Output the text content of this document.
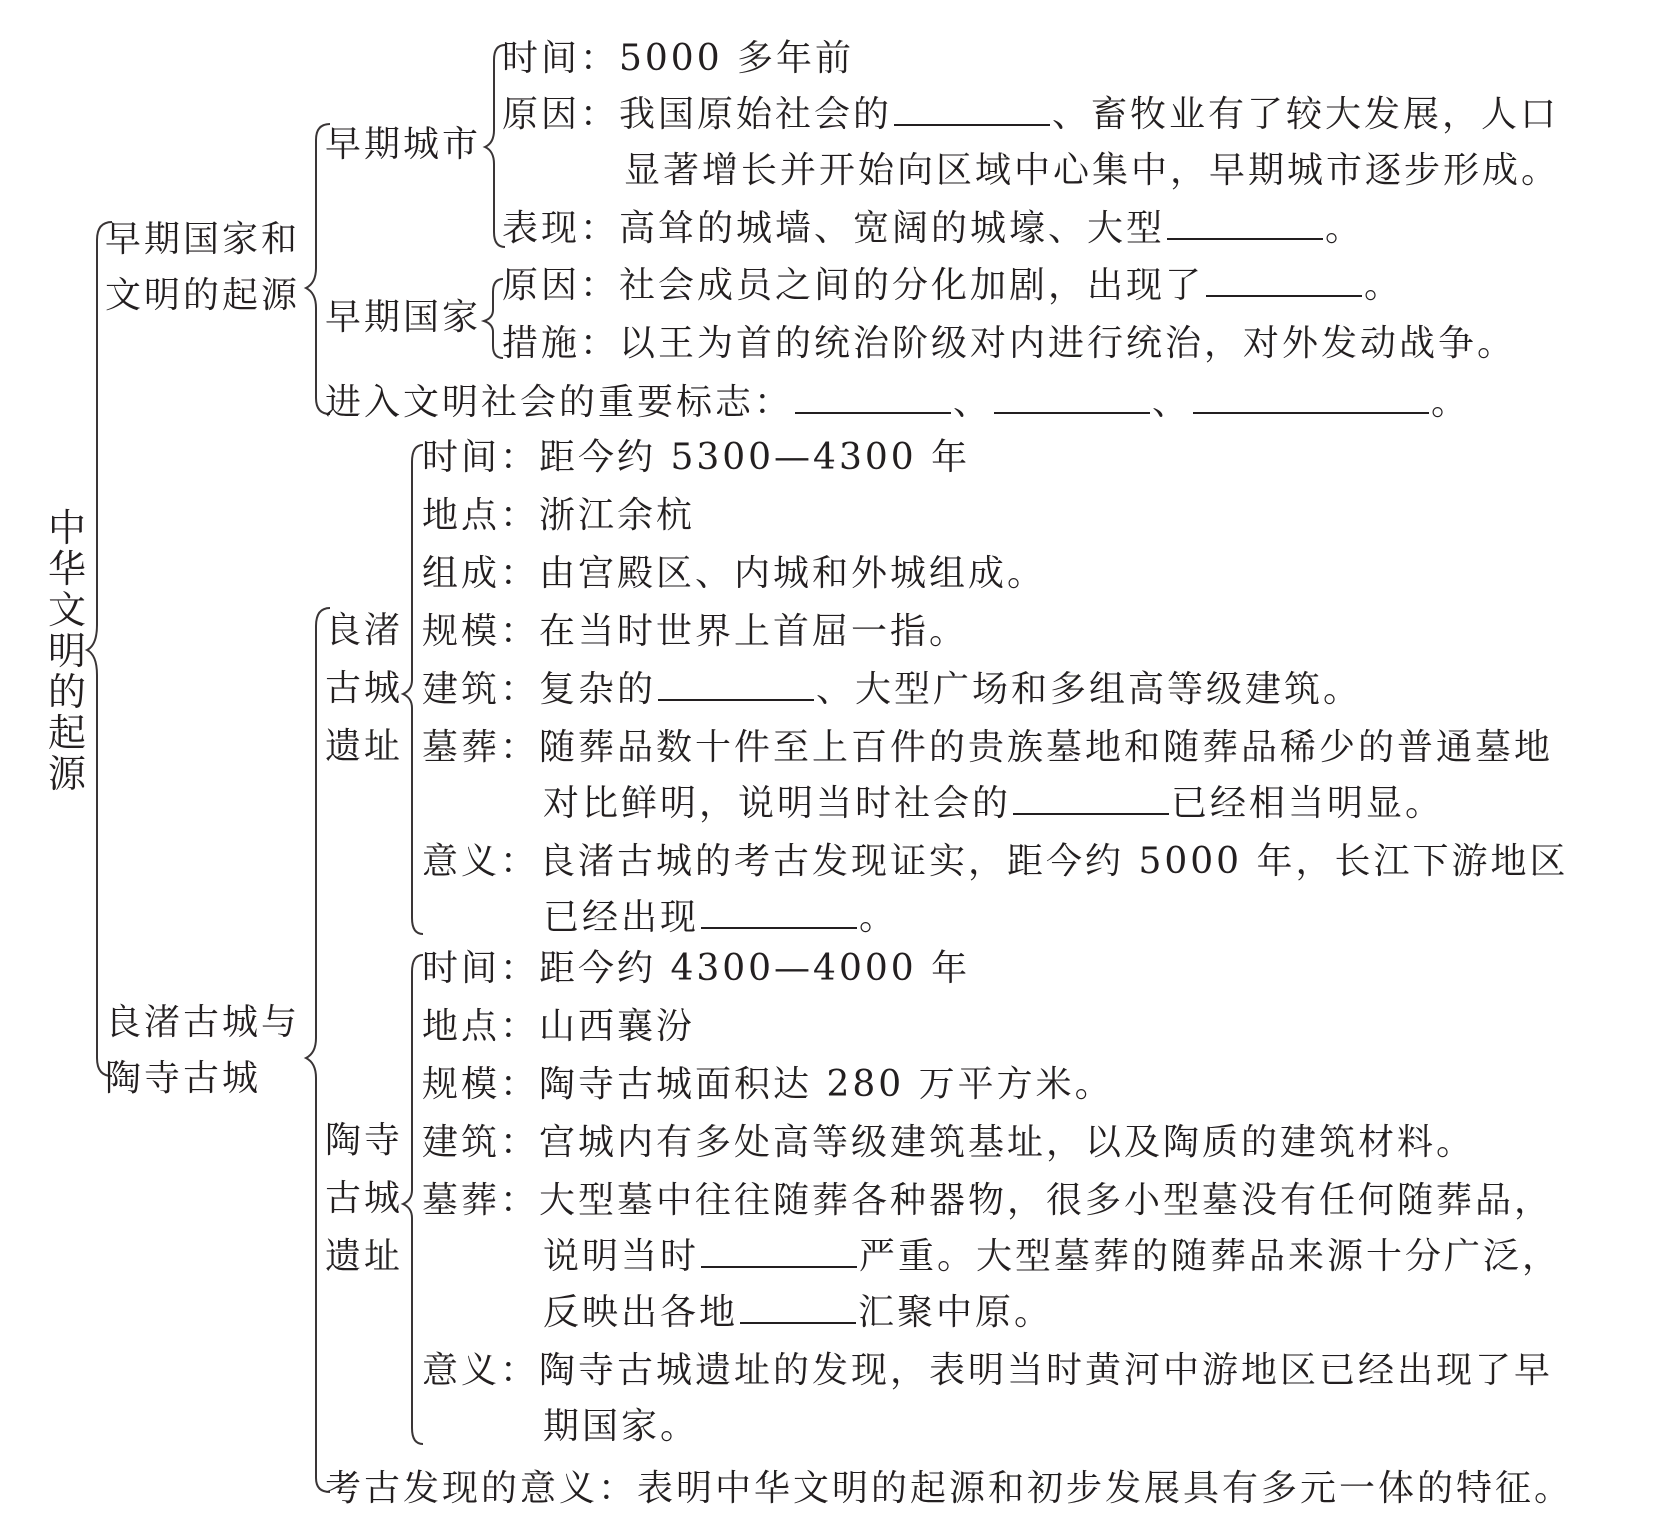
中
华
文
明
的
起
源
早期国家和
文明的起源
良渚古城与
陶寺古城
早期城市
时间：5000 多年前
原因：我国原始社会的	、畜牧业有了较大发展，人口
显著增长并开始向区域中心集中，早期城市逐步形成。
表现：高耸的城墙、宽阔的城壕、大型	。
早期国家
原因：社会成员之间的分化加剧，出现了	。
措施：以王为首的统治阶级对内进行统治，对外发动战争。
进入文明社会的重要标志：	、	、	。
良渚
古城
遗址
时间：距今约 5300—4300 年
地点：浙江余杭
组成：由宫殿区、内城和外城组成。
规模：在当时世界上首屈一指。
建筑：复杂的	、大型广场和多组高等级建筑。
墓葬：随葬品数十件至上百件的贵族墓地和随葬品稀少的普通墓地
对比鲜明，说明当时社会的	已经相当明显。
意义：良渚古城的考古发现证实，距今约 5000 年，长江下游地区
已经出现	。
陶寺
古城
遗址
时间：距今约 4300—4000 年
地点：山西襄汾
规模：陶寺古城面积达 280 万平方米。
建筑：宫城内有多处高等级建筑基址，以及陶质的建筑材料。
墓葬：大型墓中往往随葬各种器物，很多小型墓没有任何随葬品，
说明当时	严重。大型墓葬的随葬品来源十分广泛，
反映出各地	汇聚中原。
意义：陶寺古城遗址的发现，表明当时黄河中游地区已经出现了早
期国家。
考古发现的意义：表明中华文明的起源和初步发展具有多元一体的特征。
